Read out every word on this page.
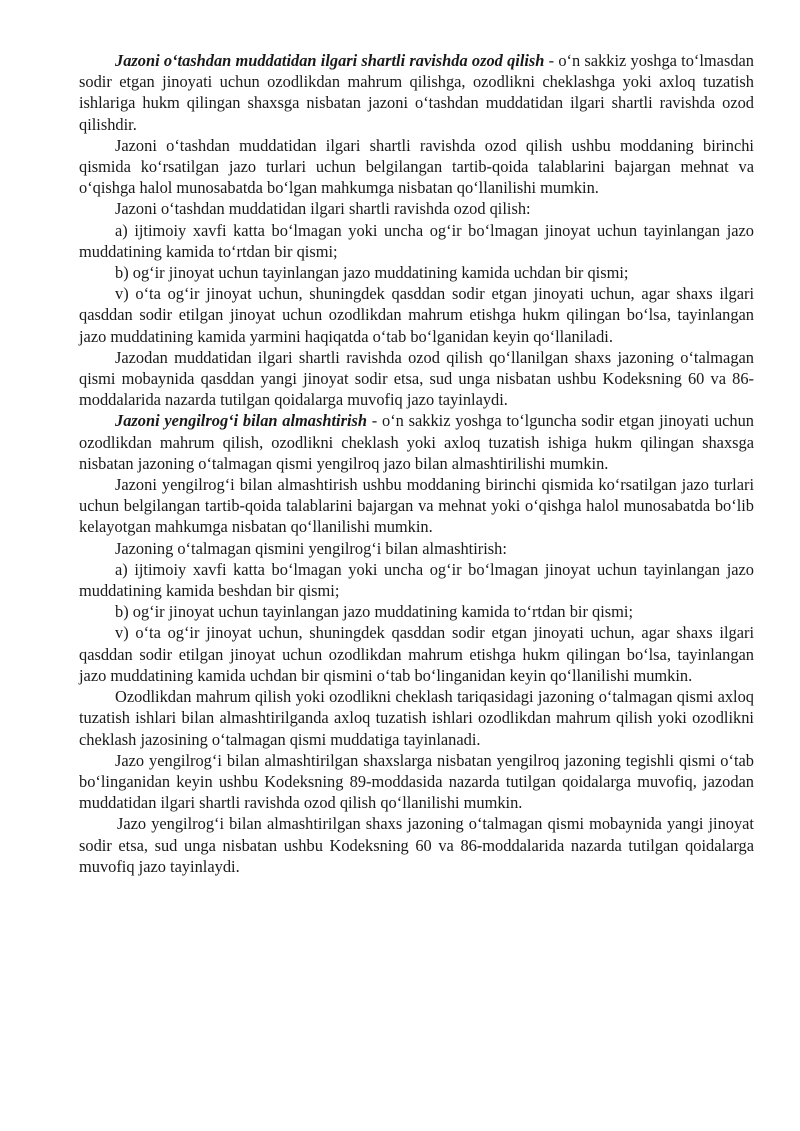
Jazoni o‘tashdan muddatidan ilgari shartli ravishda ozod qilish - o‘n sakkiz yoshga to‘lmasdan sodir etgan jinoyati uchun ozodlikdan mahrum qilishga, ozodlikni cheklashga yoki axloq tuzatish ishlariga hukm qilingan shaxsga nisbatan jazoni o‘tashdan muddatidan ilgari shartli ravishda ozod qilishdir.

Jazoni o‘tashdan muddatidan ilgari shartli ravishda ozod qilish ushbu moddaning birinchi qismida ko‘rsatilgan jazo turlari uchun belgilangan tartib-qoida talablarini bajargan mehnat va o‘qishga halol munosabatda bo‘lgan mahkumga nisbatan qo‘llanilishi mumkin.

Jazoni o‘tashdan muddatidan ilgari shartli ravishda ozod qilish:

a) ijtimoiy xavfi katta bo‘lmagan yoki uncha og‘ir bo‘lmagan jinoyat uchun tayinlangan jazo muddatining kamida to‘rtdan bir qismi;

b) og‘ir jinoyat uchun tayinlangan jazo muddatining kamida uchdan bir qismi;

v) o‘ta og‘ir jinoyat uchun, shuningdek qasddan sodir etgan jinoyati uchun, agar shaxs ilgari qasddan sodir etilgan jinoyat uchun ozodlikdan mahrum etishga hukm qilingan bo‘lsa, tayinlangan jazo muddatining kamida yarmini haqiqatda o‘tab bo‘lganidan keyin qo‘llaniladi.

Jazodan muddatidan ilgari shartli ravishda ozod qilish qo‘llanilgan shaxs jazoning o‘talmagan qismi mobaynida qasddan yangi jinoyat sodir etsa, sud unga nisbatan ushbu Kodeksning 60 va 86-moddalarida nazarda tutilgan qoidalarga muvofiq jazo tayinlaydi.

Jazoni yengilrog‘i bilan almashtirish - o‘n sakkiz yoshga to‘lguncha sodir etgan jinoyati uchun ozodlikdan mahrum qilish, ozodlikni cheklash yoki axloq tuzatish ishiga hukm qilingan shaxsga nisbatan jazoning o‘talmagan qismi yengilroq jazo bilan almashtirilishi mumkin.

Jazoni yengilrog‘i bilan almashtirish ushbu moddaning birinchi qismida ko‘rsatilgan jazo turlari uchun belgilangan tartib-qoida talablarini bajargan va mehnat yoki o‘qishga halol munosabatda bo‘lib kelayotgan mahkumga nisbatan qo‘llanilishi mumkin.

Jazoning o‘talmagan qismini yengilrog‘i bilan almashtirish:

a) ijtimoiy xavfi katta bo‘lmagan yoki uncha og‘ir bo‘lmagan jinoyat uchun tayinlangan jazo muddatining kamida beshdan bir qismi;

b) og‘ir jinoyat uchun tayinlangan jazo muddatining kamida to‘rtdan bir qismi;

v) o‘ta og‘ir jinoyat uchun, shuningdek qasddan sodir etgan jinoyati uchun, agar shaxs ilgari qasddan sodir etilgan jinoyat uchun ozodlikdan mahrum etishga hukm qilingan bo‘lsa, tayinlangan jazo muddatining kamida uchdan bir qismini o‘tab bo‘linganidan keyin qo‘llanilishi mumkin.

Ozodlikdan mahrum qilish yoki ozodlikni cheklash tariqasidagi jazoning o‘talmagan qismi axloq tuzatish ishlari bilan almashtirilganda axloq tuzatish ishlari ozodlikdan mahrum qilish yoki ozodlikni cheklash jazosining o‘talmagan qismi muddatiga tayinlanadi.

Jazo yengilrog‘i bilan almashtirilgan shaxslarga nisbatan yengilroq jazoning tegishli qismi o‘tab bo‘linganidan keyin ushbu Kodeksning 89-moddasida nazarda tutilgan qoidalarga muvofiq, jazodan muddatidan ilgari shartli ravishda ozod qilish qo‘llanilishi mumkin.

Jazo yengilrog‘i bilan almashtirilgan shaxs jazoning o‘talmagan qismi mobaynida yangi jinoyat sodir etsa, sud unga nisbatan ushbu Kodeksning 60 va 86-moddalarida nazarda tutilgan qoidalarga muvofiq jazo tayinlaydi.
